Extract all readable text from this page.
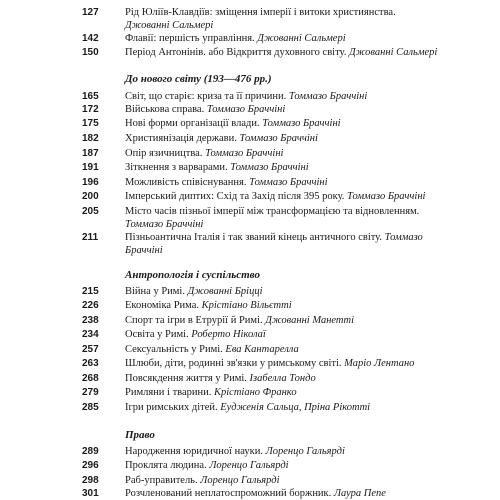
127	Рід Юліїв-Клавдіїв: зміщення імперії і витоки християнства.
Джованні Сальмері
142	Флавії: першість управління. Джованні Сальмері
150	Період Антонінів. або Відкриття духовного світу. Джованні Сальмері
До нового світу (193—476 рр.)
165	Світ, що старіє: криза та її причини. Томмазо Браччіні
172	Військова справа. Томмазо Браччіні
175	Нові форми організації влади. Томмазо Браччіні
182	Християнізація держави. Томмазо Браччіні
187	Опір язичництва. Томмазо Браччіні
191	Зіткнення з варварами. Томмазо Браччіні
196	Можливість співіснування. Томмазо Браччіні
200	Імперський диптих: Схід та Захід після 395 року. Томмазо Браччіні
205	Місто часів пізньої імперії між трансформацією та відновленням. Томмазо Браччіні
211	Пізньоантична Італія і так званий кінець античного світу. Томмазо Браччіні
Антропологія і суспільство
215	Війна у Римі. Джованні Бріцці
226	Економіка Рима. Крістіано Вільєтті
238	Спорт та ігри в Етрурії й Римі. Джованні Манетті
234	Освіта у Римі. Роберто Ніколаї
257	Сексуальність у Римі. Ева Кантарелла
263	Шлюби, діти, родинні зв'язки у римському світі. Маріо Лентано
268	Повсякдення життя у Римі. Ізабелла Тондо
279	Римляни і тварини. Крістіано Франко
285	Ігри римських дітей. Еудженія Сальца, Пріна Рікотті
Право
289	Народження юридичної науки. Лоренцо Гальярді
296	Проклята людина. Лоренцо Гальярді
298	Раб-управитель. Лоренцо Гальярді
301	Розчленований неплатоспроможний боржник. Лаура Пепе
